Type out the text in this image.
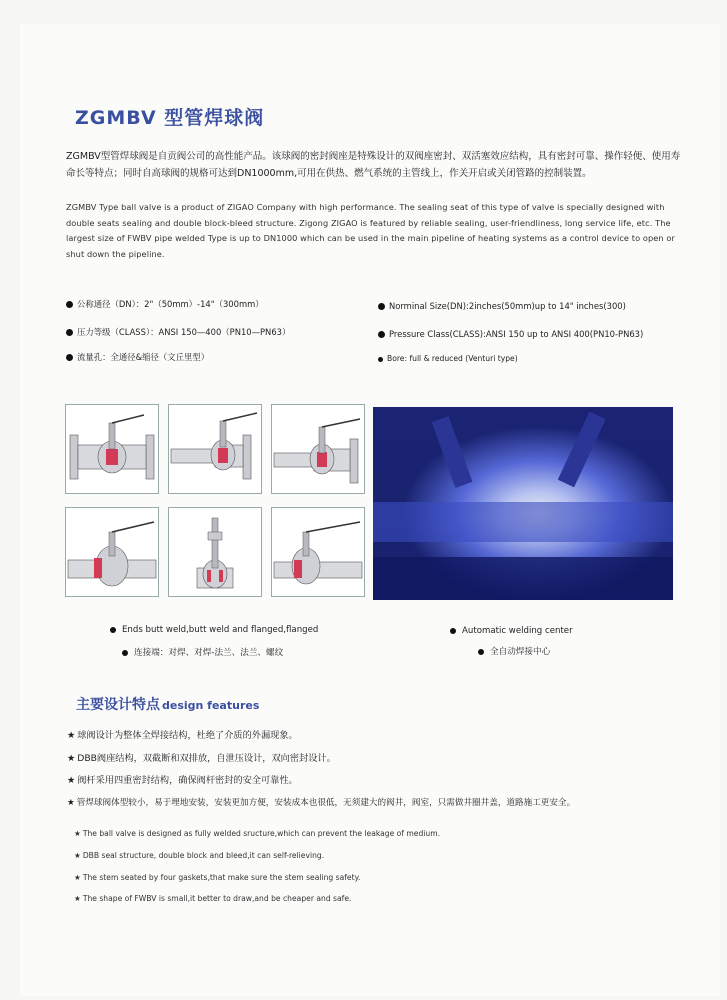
ZGMBV 型管焊球阀
ZGMBV型管焊球阀是自贡阀公司的高性能产品。该球阀的密封阀座是特殊设计的双阀座密封、双活塞效应结构，具有密封可靠、操作轻便、使用寿命长等特点；同时自高球阀的规格可达到DN1000mm,可用在供热、燃气系统的主管线上，作关开启或关闭管路的控制装置。
ZGMBV Type ball valve is a product of ZIGAO Company with high performance. The sealing seat of this type of valve is specially designed with double seats sealing and double block-bleed structure. Zigong ZIGAO is featured by reliable sealing, user-friendliness, long service life, etc. The largest size of FWBV pipe welded Type is up to DN1000 which can be used in the main pipeline of heating systems as a control device to open or shut down the pipeline.
公称通径（DN）：2"（50mm）-14"（300mm）
压力等级（CLASS）：ANSI 150—400（PN10—PN63）
流量孔：全通径&缩径（文丘里型）
Norminal Size(DN):2inches(50mm)up to 14" inches(300)
Pressure Class(CLASS):ANSI 150 up to ANSI 400(PN10-PN63)
Bore: full & reduced (Venturi type)
Ends butt weld,butt weld and flanged,flanged
连接端：对焊、对焊-法兰、法兰、螺纹
Automatic welding center
全自动焊接中心
主要设计特点 design features
★ 球阀设计为整体全焊接结构，杜绝了介质的外漏现象。
★ DBB阀座结构，双截断和双排放，自泄压设计，双向密封设计。
★ 阀杆采用四重密封结构，确保阀杆密封的安全可靠性。
★ 管焊球阀体型较小，易于埋地安装，安装更加方便，安装成本也很低，无须建大的阀井，阀室，只需做井圈井盖，道路施工更安全。
★ The ball valve is designed as fully welded sructure,which can prevent the leakage of medium.
★ DBB seal structure, double block and bleed,it can self-relieving.
★ The stem seated by four gaskets,that make sure the stem sealing safety.
★ The shape of FWBV is small,it better to draw,and be cheaper and safe.
